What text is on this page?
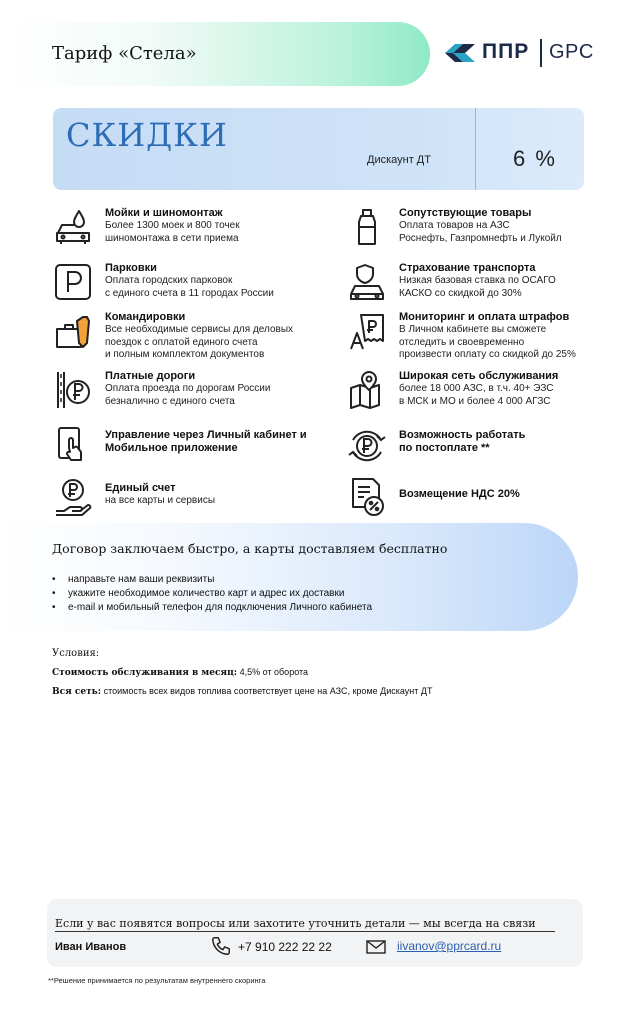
Тариф «Стела»	ППР GPC
СКИДКИ
Дискаунт ДТ	6 %
Мойки и шиномонтаж
Более 1300 моек и 800 точек
шиномонтажа в сети приема
Сопутствующие товары
Оплата товаров на АЗС
Роснефть, Газпромнефть и Лукойл
Парковки
Оплата городских парковок
с единого счета в 11 городах России
Страхование транспорта
Низкая базовая ставка по ОСАГО
КАСКО со скидкой до 30%
Командировки
Все необходимые сервисы для деловых
поездок с оплатой единого счета
и полным комплектом документов
Мониторинг и оплата штрафов
В Личном кабинете вы сможете
отследить и своевременно
произвести оплату со скидкой до 25%
Платные дороги
Оплата проезда по дорогам России
безналично с единого счета
Широкая сеть обслуживания
более 18 000 АЗС, в т.ч. 40+ ЭЗС
в МСК и МО и более 4 000 АГЗС
Управление через Личный кабинет и Мобильное приложение
Возможность работать по постоплате **
Единый счет
на все карты и сервисы
Возмещение НДС 20%
Договор заключаем быстро, а карты доставляем бесплатно
• направьте нам ваши реквизиты
• укажите необходимое количество карт и адрес их доставки
• e-mail и мобильный телефон для подключения Личного кабинета
Условия:
Стоимость обслуживания в месяц: 4,5% от оборота
Вся сеть: стоимость всех видов топлива соответствует цене на АЗС, кроме Дискаунт ДТ
Если у вас появятся вопросы или захотите уточнить детали — мы всегда на связи
Иван Иванов	+7 910 222 22 22	iivanov@pprcard.ru
**Решение принимается по результатам внутреннего скоринга
